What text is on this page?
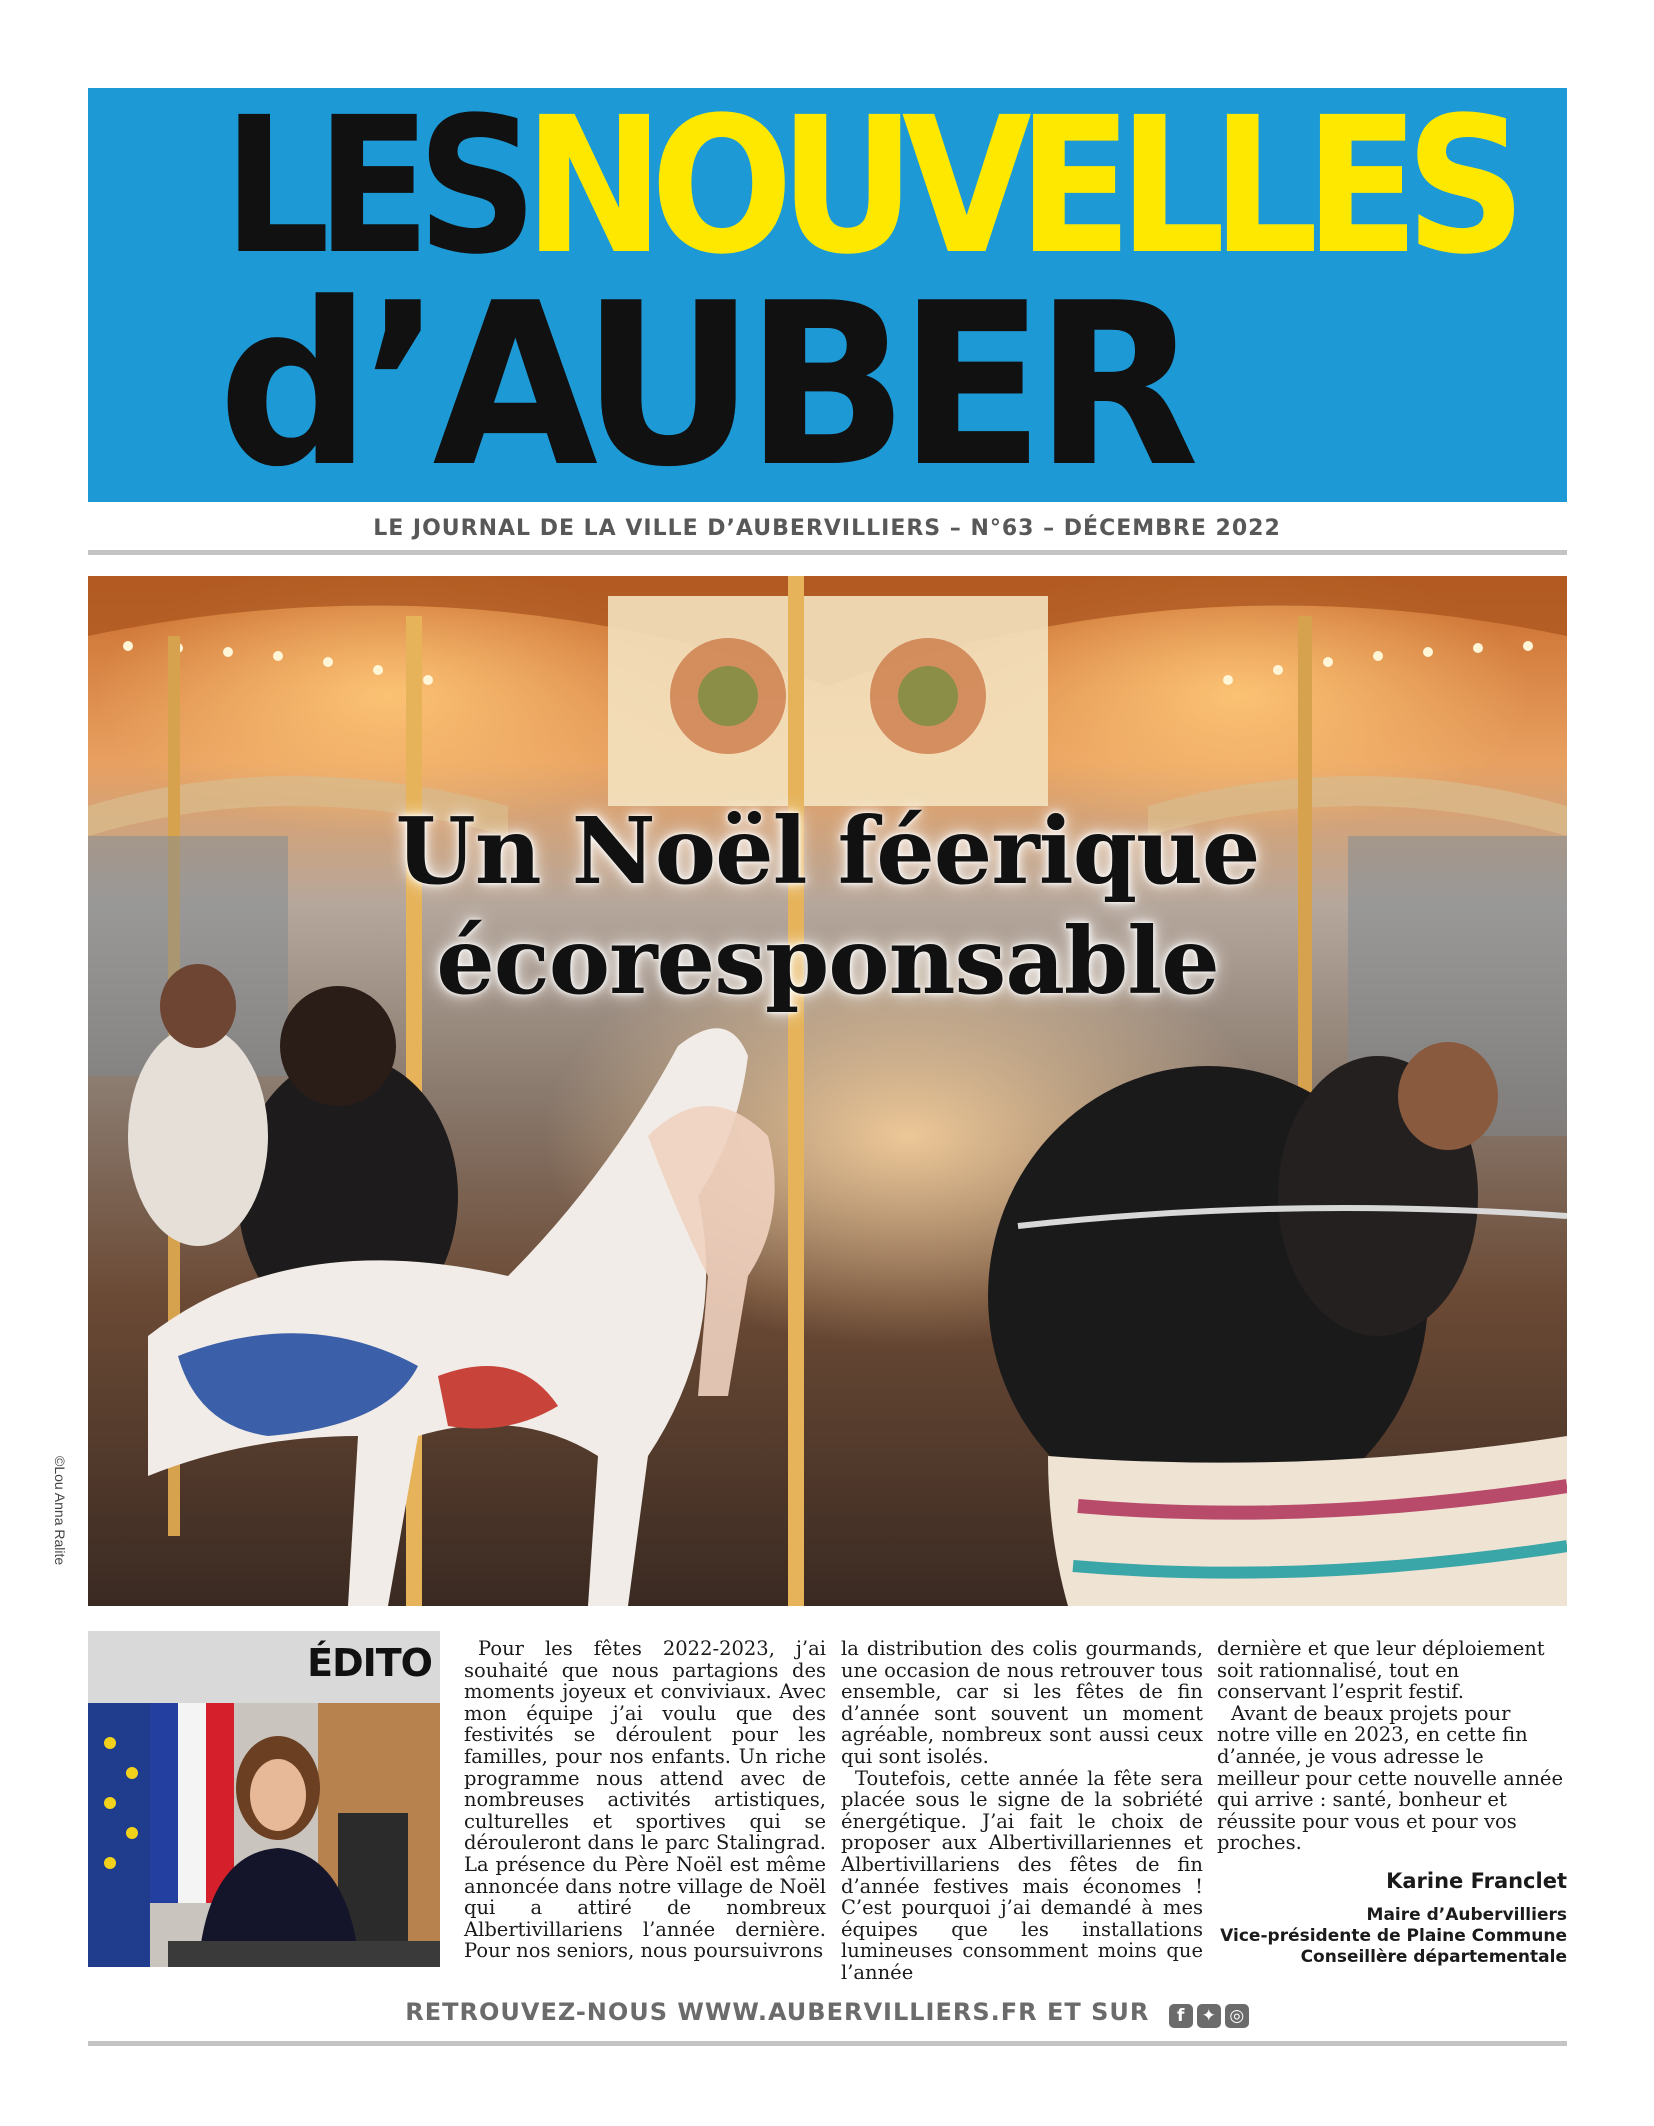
LESNOUVELLES
d’AUBER
LE JOURNAL DE LA VILLE D’AUBERVILLIERS – N°63 – DÉCEMBRE 2022
Un Noël féerique
écoresponsable
©Lou Anna Ralite
ÉDITO	Pour les fêtes 2022-2023, j’ai souhaité que nous partagions des moments joyeux et conviviaux. Avec mon équipe j’ai voulu que des festivités se déroulent pour les familles, pour nos enfants. Un riche programme nous attend avec de nombreuses activités artistiques, culturelles et sportives qui se dérouleront dans le parc Stalingrad. La présence du Père Noël est même annoncée dans notre village de Noël qui a attiré de nombreux Albertivillariens l’année dernière. Pour nos seniors, nous poursuivrons

la distribution des colis gourmands, une occasion de nous retrouver tous ensemble, car si les fêtes de fin d’année sont souvent un moment agréable, nombreux sont aussi ceux qui sont isolés.

Toutefois, cette année la fête sera placée sous le signe de la sobriété énergétique. J’ai fait le choix de proposer aux Albertivillariennes et Albertivillariens des fêtes de fin d’année festives mais économes ! C’est pourquoi j’ai demandé à mes équipes que les installations lumineuses consomment moins que l’année

dernière et que leur déploiement soit rationnalisé, tout en conservant l’esprit festif.

Avant de beaux projets pour notre ville en 2023, en cette fin d’année, je vous adresse le meilleur pour cette nouvelle année qui arrive : santé, bonheur et réussite pour vous et pour vos proches.

Karine Franclet
Maire d’Aubervilliers
Vice-présidente de Plaine Commune
Conseillère départementale
RETROUVEZ-NOUS WWW.AUBERVILLIERS.FR ET SUR f ✦ ◎
